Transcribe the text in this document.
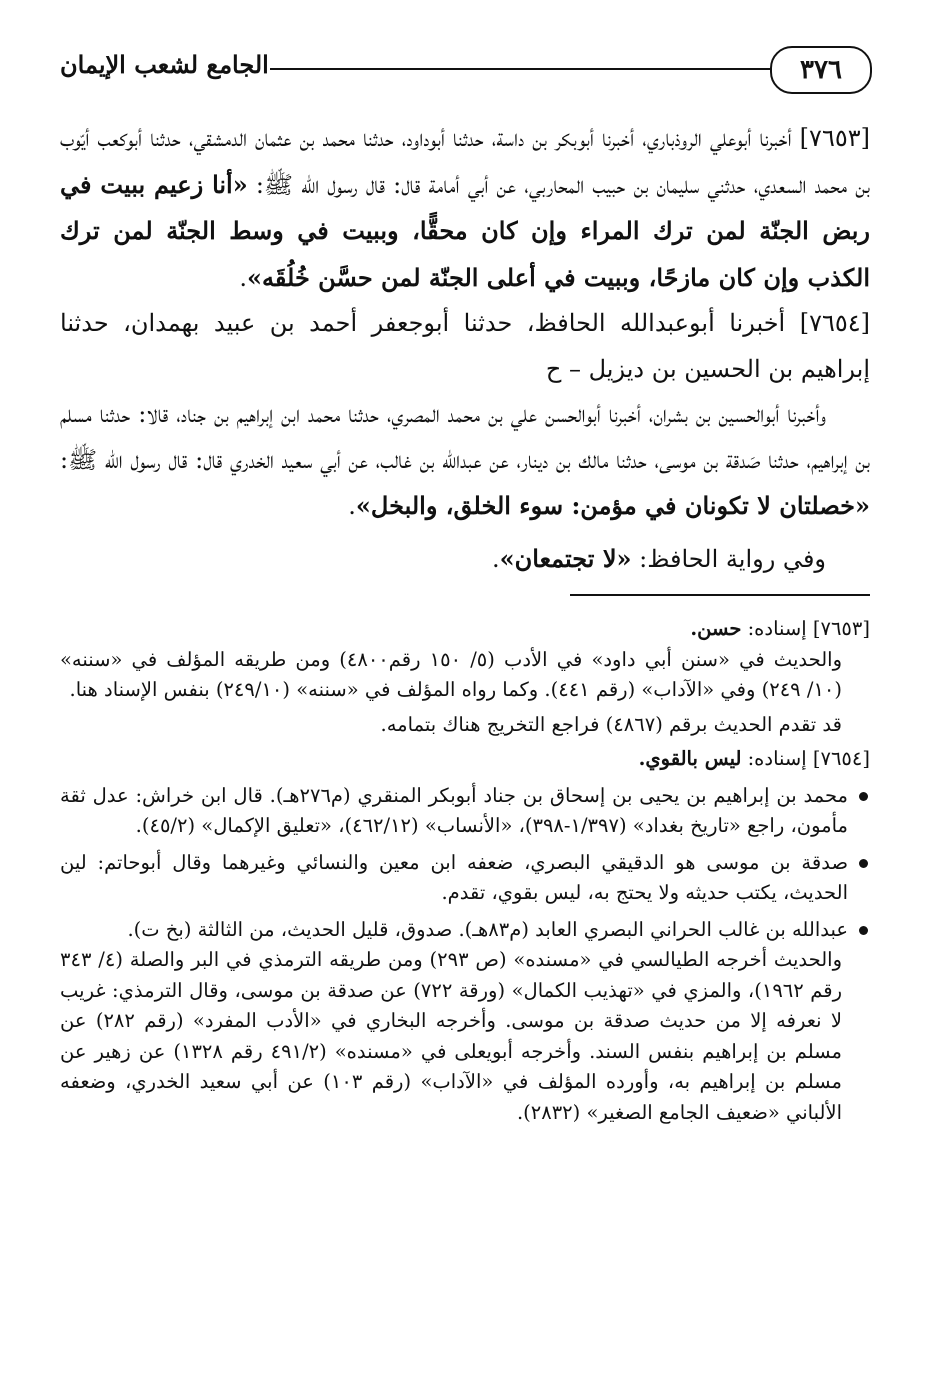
٣٧٦
الجامع لشعب الإيمان

[٧٦٥٣] أخبرنا أبوعلي الروذباري، أخبرنا أبوبكر بن داسة، حدثنا أبوداود، حدثنا محمد بن عثمان الدمشقي، حدثنا أبوكعب أيّوب بن محمد السعدي، حدثني سليمان بن حبيب المحاربي، عن أبي أمامة قال: قال رسول الله ﷺ: «أنا زعيم ببيت في ربض الجنّة لمن ترك المراء وإن كان محقًّا، وببيت في وسط الجنّة لمن ترك الكذب وإن كان مازحًا، وببيت في أعلى الجنّة لمن حسَّن خُلُقَه».

[٧٦٥٤] أخبرنا أبوعبدالله الحافظ، حدثنا أبوجعفر أحمد بن عبيد بهمدان، حدثنا إبراهيم بن الحسين بن ديزيل – ح

وأخبرنا أبوالحسين بن بشران، أخبرنا أبوالحسن علي بن محمد المصري، حدثنا محمد ابن إبراهيم بن جناد، قالا: حدثنا مسلم بن إبراهيم، حدثنا صَدقة بن موسى، حدثنا مالك بن دينار، عن عبدالله بن غالب، عن أبي سعيد الخدري قال: قال رسول الله ﷺ: «خصلتان لا تكونان في مؤمن: سوء الخلق، والبخل».

وفي رواية الحافظ: «لا تجتمعان».

[٧٦٥٣] إسناده: حسن.

والحديث في «سنن أبي داود» في الأدب (٥/ ١٥٠ رقم٤٨٠٠) ومن طريقه المؤلف في «سننه» (١٠/ ٢٤٩) وفي «الآداب» (رقم ٤٤١). وكما رواه المؤلف في «سننه» (٢٤٩/١٠) بنفس الإسناد هنا.

قد تقدم الحديث برقم (٤٨٦٧) فراجع التخريج هناك بتمامه.

[٧٦٥٤] إسناده: ليس بالقوي.

محمد بن إبراهيم بن يحيى بن إسحاق بن جناد أبوبكر المنقري (م٢٧٦هـ). قال ابن خراش: عدل ثقة مأمون، راجع «تاريخ بغداد» (١/٣٩٧-٣٩٨)، «الأنساب» (٤٦٢/١٢)، «تعليق الإكمال» (٤٥/٢).

صدقة بن موسى هو الدقيقي البصري، ضعفه ابن معين والنسائي وغيرهما وقال أبوحاتم: لين الحديث، يكتب حديثه ولا يحتج به، ليس بقوي، تقدم.

عبدالله بن غالب الحراني البصري العابد (م٨٣هـ). صدوق، قليل الحديث، من الثالثة (بخ ت).

والحديث أخرجه الطيالسي في «مسنده» (ص ٢٩٣) ومن طريقه الترمذي في البر والصلة (٤/ ٣٤٣ رقم ١٩٦٢)، والمزي في «تهذيب الكمال» (ورقة ٧٢٢) عن صدقة بن موسى، وقال الترمذي: غريب لا نعرفه إلا من حديث صدقة بن موسى. وأخرجه البخاري في «الأدب المفرد» (رقم ٢٨٢) عن مسلم بن إبراهيم بنفس السند. وأخرجه أبويعلى في «مسنده» (٤٩١/٢ رقم ١٣٢٨) عن زهير عن مسلم بن إبراهيم به، وأورده المؤلف في «الآداب» (رقم ١٠٣) عن أبي سعيد الخدري، وضعفه الألباني «ضعيف الجامع الصغير» (٢٨٣٢).
